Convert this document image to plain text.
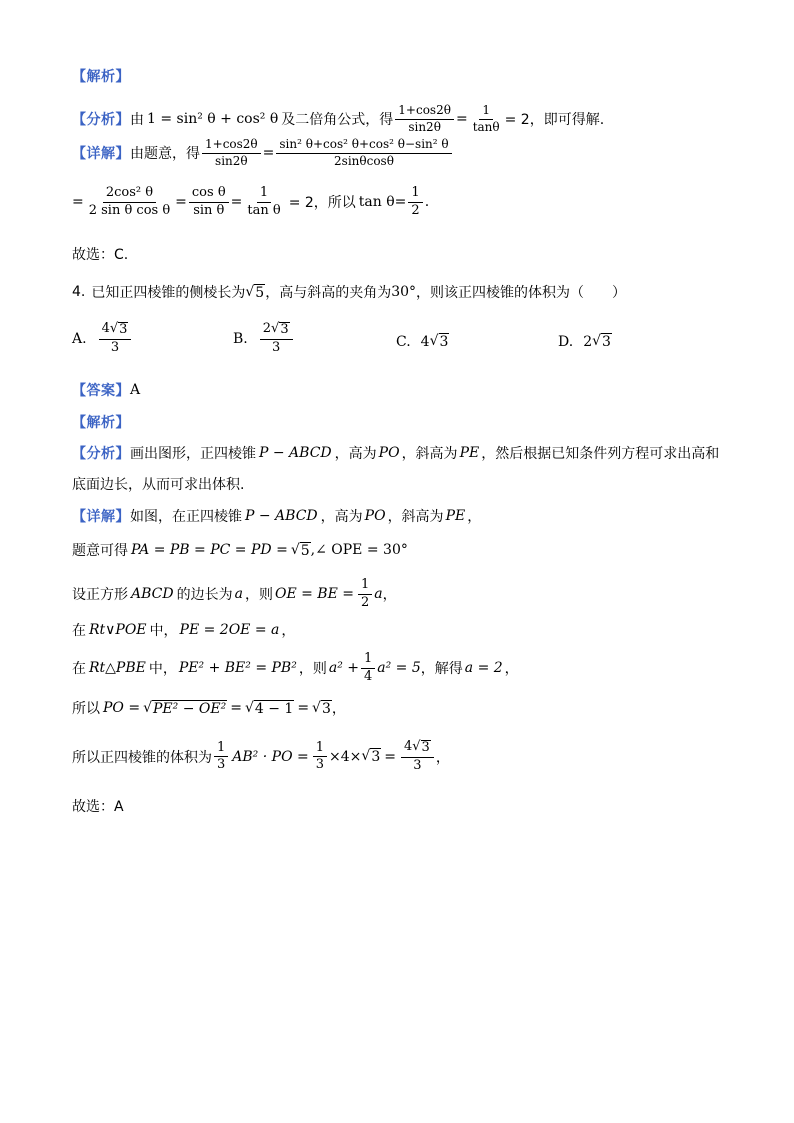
【解析】
【分析】 由 1 = sin² θ + cos² θ 及二倍角公式，得 $\frac{1+\cos 2\theta}{\sin 2\theta} = \frac{1}{\tan\theta} = 2$，即可得解.
【详解】 由题意，得 $\frac{1+\cos 2\theta}{\sin 2\theta} = \frac{\text{sin² θ+cos² θ+cos² θ−sin² θ}}{2\sin\theta\cos\theta}$
= $\frac{\text{2cos² θ}}{\text{2 sin θ cos θ}} = \frac{\text{cos θ}}{\text{sin θ}} = \frac{1}{\text{tan θ}} = 2$，所以 $\tan \theta= \frac{1}{2}$ .
故选：C.
4. 已知正四棱锥的侧棱长为 √ 5 ，高与斜高的夹角为 30° ，则该正四棱锥的体积为（　　）
A. $\frac{4√ 3}{3}$	B. $\frac{2√ 3}{3}$	C. 4 √ 3	D. 2 √ 3
【答案】 A
【解析】
【分析】 画出图形，正四棱锥 P − ABCD ，高为 PO ，斜高为 PE ，然后根据已知条件列方程可求出高和
底面边长，从而可求出体积.
【详解】 如图，在正四棱锥 P − ABCD ，高为 PO ，斜高为 PE ，
题意可得 PA = PB = PC = PD = √ 5 ,∠ OPE = 30°
设正方形 ABCD 的边长为 a ，则 OE = BE = $\frac{1}{2}$ a ，
在 Rt∨POE 中， PE = 2OE = a ，
在 Rt△PBE 中， PE² + BE² = PB² ，则 $a^2 + \frac{1}{4} a^2 = 5$ ，解得 a = 2 ，
所以 PO = √ PE² − OE² = √ 4 − 1 = √ 3 ，
所以正四棱锥的体积为 $\frac{1}{3} AB^2$ · PO = $\frac{1}{3} \times 4\times$ √ $3 = \frac{4√ 3}{3}$ ，
故选：A
